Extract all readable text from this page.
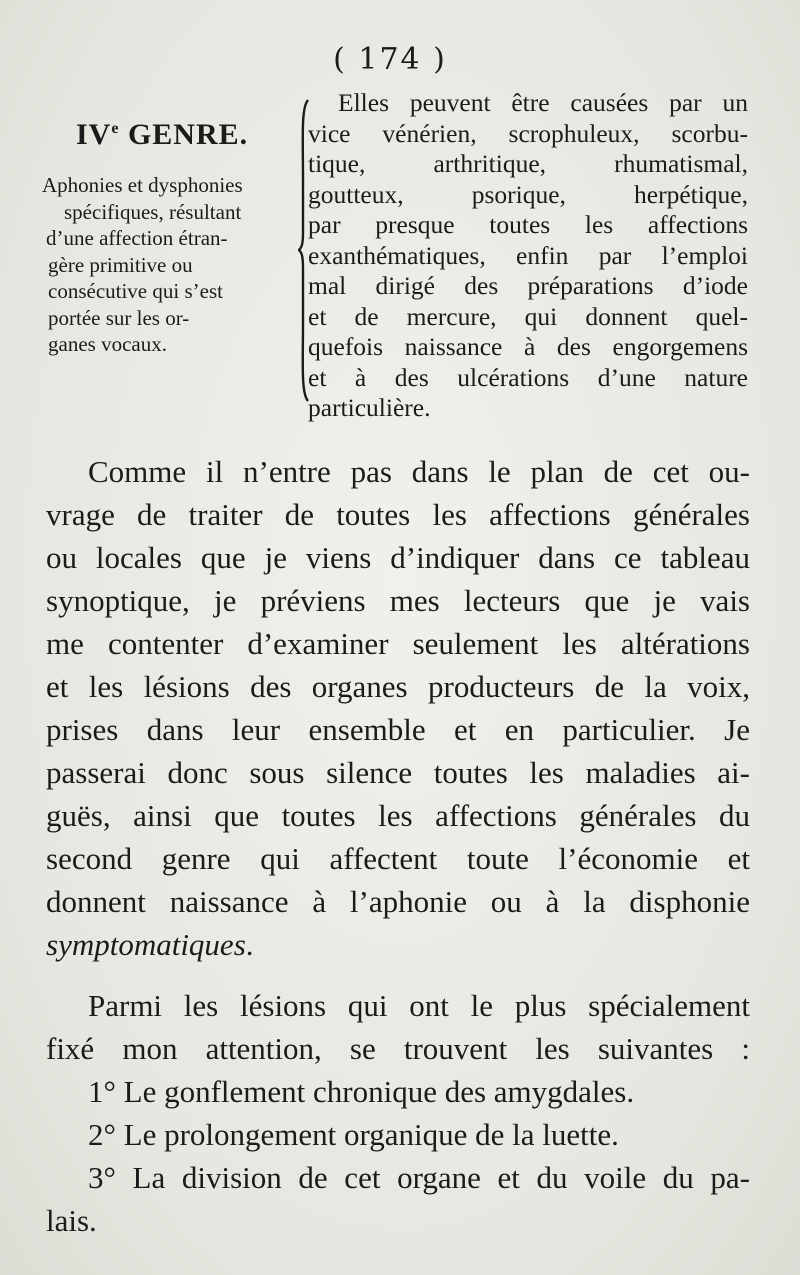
( 174 )
IVe GENRE.
Aphonies et dysphonies
spécifiques, résultant
d’une affection étran-
gère primitive ou
consécutive qui s’est
portée sur les or-
ganes vocaux.
Elles peuvent être causées par un
vice vénérien, scrophuleux, scorbu-
tique, arthritique, rhumatismal,
goutteux, psorique, herpétique,
par presque toutes les affections
exanthématiques, enfin par l’emploi
mal dirigé des préparations d’iode
et de mercure, qui donnent quel-
quefois naissance à des engorgemens
et à des ulcérations d’une nature
particulière.
Comme il n’entre pas dans le plan de cet ou-
vrage de traiter de toutes les affections générales
ou locales que je viens d’indiquer dans ce tableau
synoptique, je préviens mes lecteurs que je vais
me contenter d’examiner seulement les altérations
et les lésions des organes producteurs de la voix,
prises dans leur ensemble et en particulier. Je
passerai donc sous silence toutes les maladies ai-
guës, ainsi que toutes les affections générales du
second genre qui affectent toute l’économie et
donnent naissance à l’aphonie ou à la disphonie
symptomatiques.
Parmi les lésions qui ont le plus spécialement
fixé mon attention, se trouvent les suivantes :
1° Le gonflement chronique des amygdales.
2° Le prolongement organique de la luette.
3° La division de cet organe et du voile du pa-
lais.
